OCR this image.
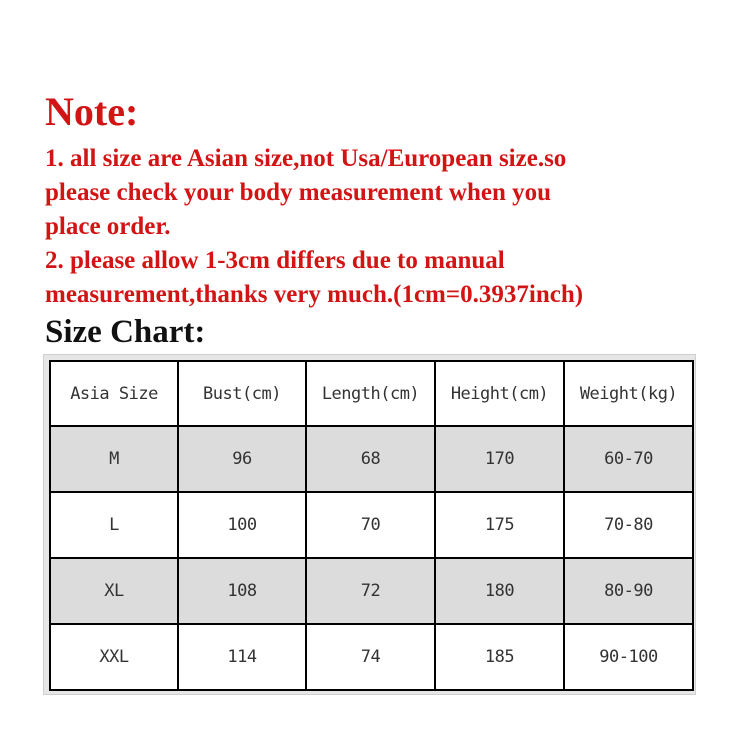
Note:

1. all size are Asian size,not Usa/European size.so
please check your body measurement when you
place order.
2. please allow 1-3cm differs due to manual
measurement,thanks very much.(1cm=0.3937inch)

Size Chart:
Asia Size	Bust(cm)	Length(cm)	Height(cm)	Weight(kg)
M	96	68	170	60-70
L	100	70	175	70-80
XL	108	72	180	80-90
XXL	114	74	185	90-100
